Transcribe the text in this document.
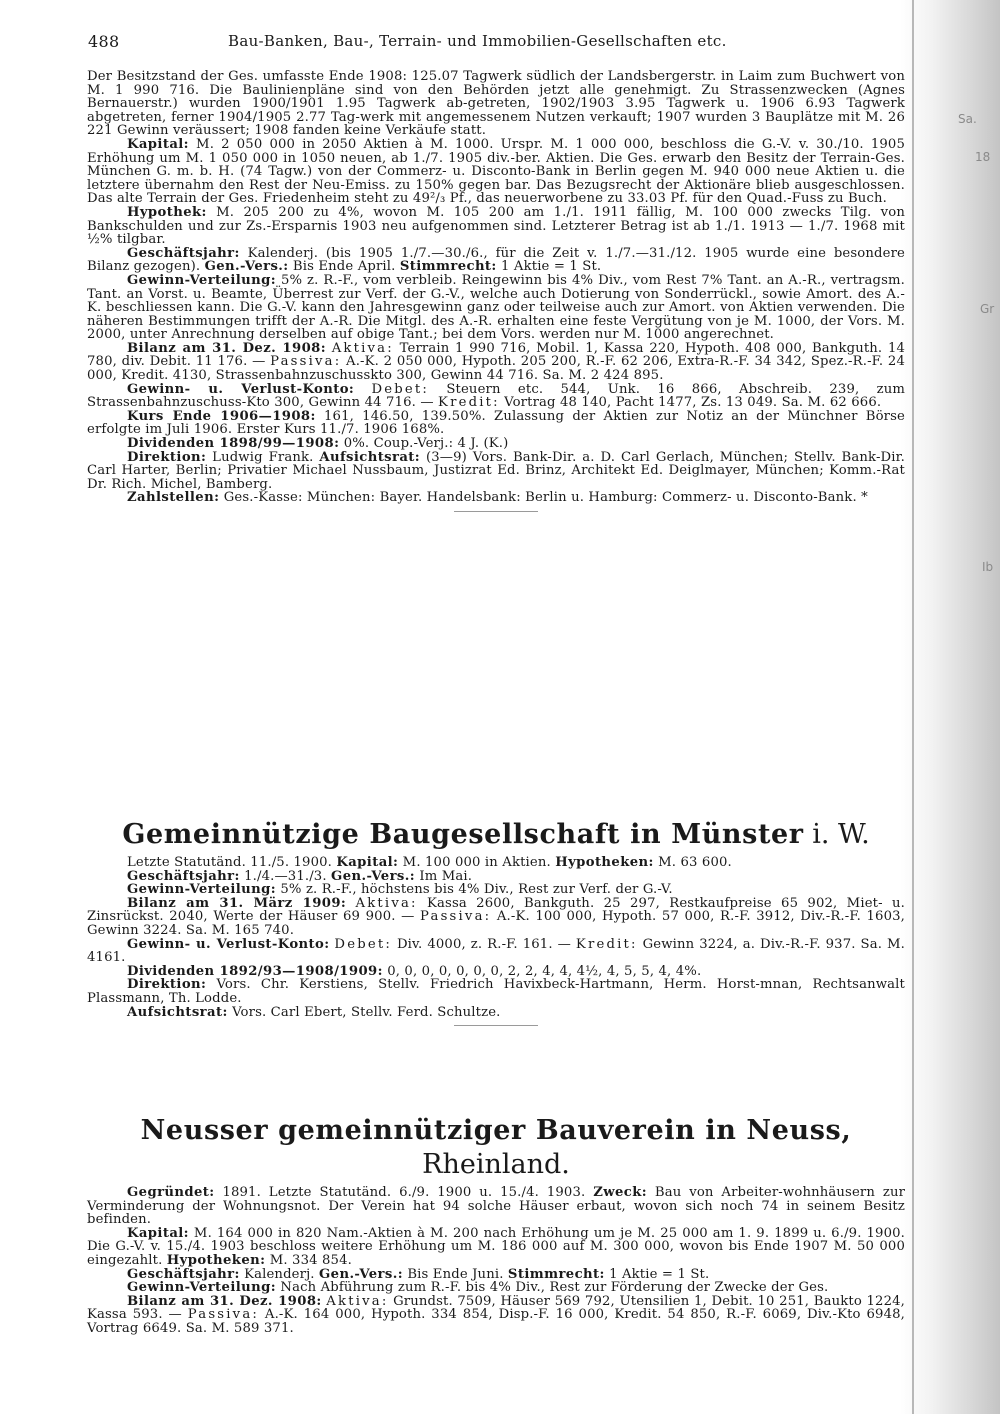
Sa.
18
Gr
Ib
488	Bau-Banken, Bau-, Terrain- und Immobilien-Gesellschaften etc.

Der Besitzstand der Ges. umfasste Ende 1908: 125.07 Tagwerk südlich der Landsbergerstr. in Laim zum Buchwert von M. 1 990 716. Die Baulinienpläne sind von den Behörden jetzt alle genehmigt. Zu Strassenzwecken (Agnes Bernauerstr.) wurden 1900/1901 1.95 Tagwerk ab-getreten, 1902/1903 3.95 Tagwerk u. 1906 6.93 Tagwerk abgetreten, ferner 1904/1905 2.77 Tag-werk mit angemessenem Nutzen verkauft; 1907 wurden 3 Bauplätze mit M. 26 221 Gewinn veräussert; 1908 fanden keine Verkäufe statt.

Kapital: M. 2 050 000 in 2050 Aktien à M. 1000. Urspr. M. 1 000 000, beschloss die G.-V. v. 30./10. 1905 Erhöhung um M. 1 050 000 in 1050 neuen, ab 1./7. 1905 div.-ber. Aktien. Die Ges. erwarb den Besitz der Terrain-Ges. München G. m. b. H. (74 Tagw.) von der Commerz- u. Disconto-Bank in Berlin gegen M. 940 000 neue Aktien u. die letztere übernahm den Rest der Neu-Emiss. zu 150% gegen bar. Das Bezugsrecht der Aktionäre blieb ausgeschlossen. Das alte Terrain der Ges. Friedenheim steht zu 49²/₃ Pf., das neuerworbene zu 33.03 Pf. für den Quad.-Fuss zu Buch.

Hypothek: M. 205 200 zu 4%, wovon M. 105 200 am 1./1. 1911 fällig, M. 100 000 zwecks Tilg. von Bankschulden und zur Zs.-Ersparnis 1903 neu aufgenommen sind. Letzterer Betrag ist ab 1./1. 1913 — 1./7. 1968 mit ½% tilgbar.

Geschäftsjahr: Kalenderj. (bis 1905 1./7.—30./6., für die Zeit v. 1./7.—31./12. 1905 wurde eine besondere Bilanz gezogen). Gen.-Vers.: Bis Ende April. Stimmrecht: 1 Aktie = 1 St.

Gewinn-Verteilung: 5% z. R.-F., vom verbleib. Reingewinn bis 4% Div., vom Rest 7% Tant. an A.-R., vertragsm. Tant. an Vorst. u. Beamte, Überrest zur Verf. der G.-V., welche auch Dotierung von Sonderrückl., sowie Amort. des A.-K. beschliessen kann. Die G.-V. kann den Jahresgewinn ganz oder teilweise auch zur Amort. von Aktien verwenden. Die näheren Bestimmungen trifft der A.-R. Die Mitgl. des A.-R. erhalten eine feste Vergütung von je M. 1000, der Vors. M. 2000, unter Anrechnung derselben auf obige Tant.; bei dem Vors. werden nur M. 1000 angerechnet.

Bilanz am 31. Dez. 1908: Aktiva: Terrain 1 990 716, Mobil. 1, Kassa 220, Hypoth. 408 000, Bankguth. 14 780, div. Debit. 11 176. — Passiva: A.-K. 2 050 000, Hypoth. 205 200, R.-F. 62 206, Extra-R.-F. 34 342, Spez.-R.-F. 24 000, Kredit. 4130, Strassenbahnzuschusskto 300, Gewinn 44 716. Sa. M. 2 424 895.

Gewinn- u. Verlust-Konto: Debet: Steuern etc. 544, Unk. 16 866, Abschreib. 239, zum Strassenbahnzuschuss-Kto 300, Gewinn 44 716. — Kredit: Vortrag 48 140, Pacht 1477, Zs. 13 049. Sa. M. 62 666.

Kurs Ende 1906—1908: 161, 146.50, 139.50%. Zulassung der Aktien zur Notiz an der Münchner Börse erfolgte im Juli 1906. Erster Kurs 11./7. 1906 168%.

Dividenden 1898/99—1908: 0%. Coup.-Verj.: 4 J. (K.)

Direktion: Ludwig Frank. Aufsichtsrat: (3—9) Vors. Bank-Dir. a. D. Carl Gerlach, München; Stellv. Bank-Dir. Carl Harter, Berlin; Privatier Michael Nussbaum, Justizrat Ed. Brinz, Architekt Ed. Deiglmayer, München; Komm.-Rat Dr. Rich. Michel, Bamberg.

Zahlstellen: Ges.-Kasse: München: Bayer. Handelsbank: Berlin u. Hamburg: Commerz- u. Disconto-Bank. *

Gemeinnützige Baugesellschaft in Münster i. W.

Letzte Statutänd. 11./5. 1900. Kapital: M. 100 000 in Aktien. Hypotheken: M. 63 600.

Geschäftsjahr: 1./4.—31./3. Gen.-Vers.: Im Mai.

Gewinn-Verteilung: 5% z. R.-F., höchstens bis 4% Div., Rest zur Verf. der G.-V.

Bilanz am 31. März 1909: Aktiva: Kassa 2600, Bankguth. 25 297, Restkaufpreise 65 902, Miet- u. Zinsrückst. 2040, Werte der Häuser 69 900. — Passiva: A.-K. 100 000, Hypoth. 57 000, R.-F. 3912, Div.-R.-F. 1603, Gewinn 3224. Sa. M. 165 740.

Gewinn- u. Verlust-Konto: Debet: Div. 4000, z. R.-F. 161. — Kredit: Gewinn 3224, a. Div.-R.-F. 937. Sa. M. 4161.

Dividenden 1892/93—1908/1909: 0, 0, 0, 0, 0, 0, 0, 2, 2, 4, 4, 4½, 4, 5, 5, 4, 4%.

Direktion: Vors. Chr. Kerstiens, Stellv. Friedrich Havixbeck-Hartmann, Herm. Horst-mnan, Rechtsanwalt Plassmann, Th. Lodde.

Aufsichtsrat: Vors. Carl Ebert, Stellv. Ferd. Schultze.

Neusser gemeinnütziger Bauverein in Neuss, Rheinland.

Gegründet: 1891. Letzte Statutänd. 6./9. 1900 u. 15./4. 1903. Zweck: Bau von Arbeiter-wohnhäusern zur Verminderung der Wohnungsnot. Der Verein hat 94 solche Häuser erbaut, wovon sich noch 74 in seinem Besitz befinden.

Kapital: M. 164 000 in 820 Nam.-Aktien à M. 200 nach Erhöhung um je M. 25 000 am 1. 9. 1899 u. 6./9. 1900. Die G.-V. v. 15./4. 1903 beschloss weitere Erhöhung um M. 186 000 auf M. 300 000, wovon bis Ende 1907 M. 50 000 eingezahlt. Hypotheken: M. 334 854.

Geschäftsjahr: Kalenderj. Gen.-Vers.: Bis Ende Juni. Stimmrecht: 1 Aktie = 1 St.

Gewinn-Verteilung: Nach Abführung zum R.-F. bis 4% Div., Rest zur Förderung der Zwecke der Ges.

Bilanz am 31. Dez. 1908: Aktiva: Grundst. 7509, Häuser 569 792, Utensilien 1, Debit. 10 251, Baukto 1224, Kassa 593. — Passiva: A.-K. 164 000, Hypoth. 334 854, Disp.-F. 16 000, Kredit. 54 850, R.-F. 6069, Div.-Kto 6948, Vortrag 6649. Sa. M. 589 371.
